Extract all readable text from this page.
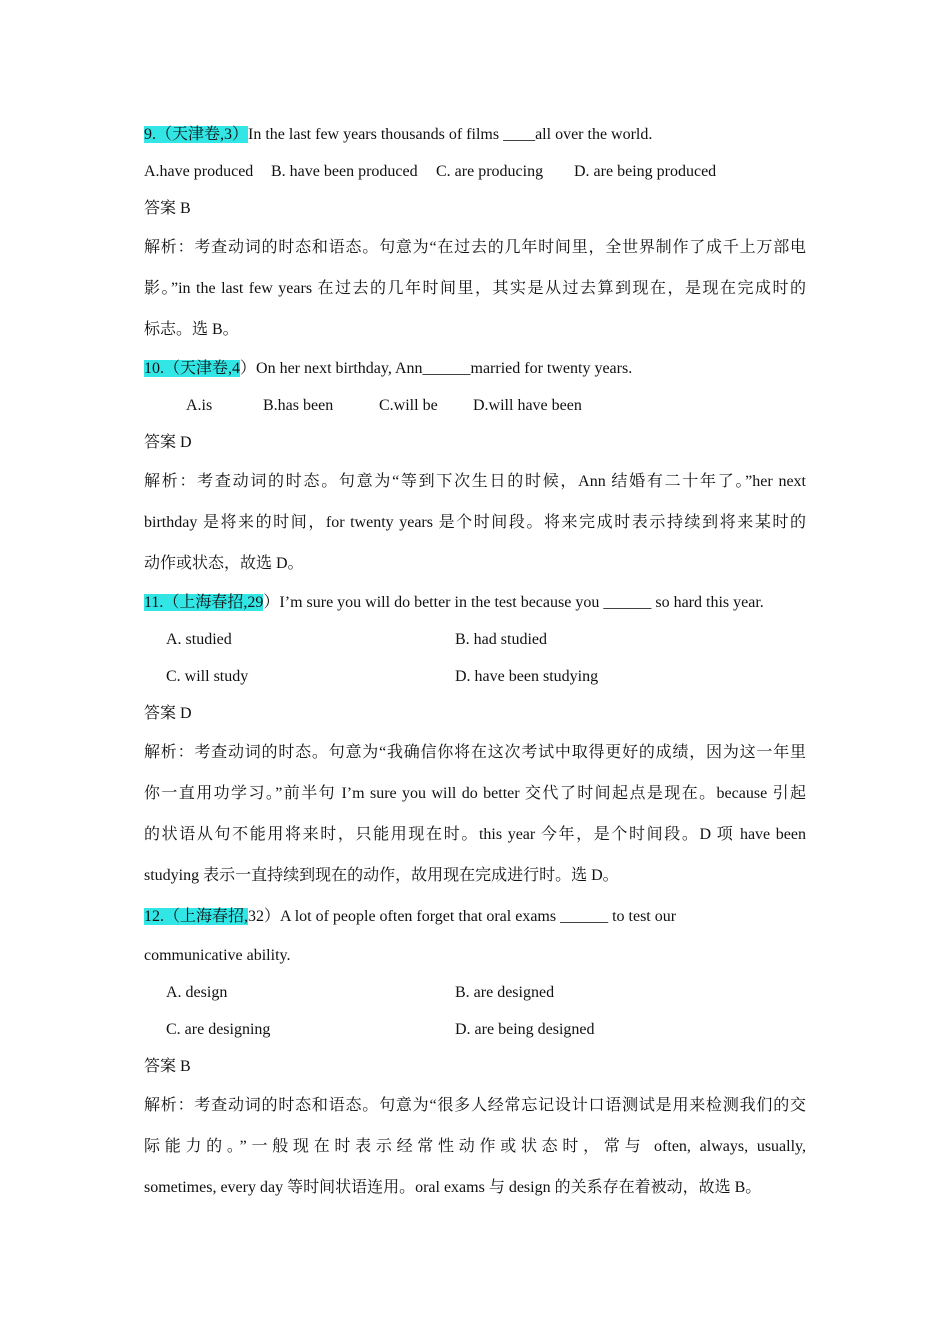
9.（天津卷,3）In the last few years thousands of films ____all over the world.
A.have produced B. have been produced C. are producing D. are being produced
答案 B
解析：考查动词的时态和语态。句意为“在过去的几年时间里，全世界制作了成千上万部电
影。”in the last few years 在过去的几年时间里，其实是从过去算到现在，是现在完成时的
标志。选 B。
10.（天津卷,4）On her next birthday, Ann______married for twenty years.
A.is	B.has been	C.will be D.will have been
答案 D
解析：考查动词的时态。句意为“等到下次生日的时候，Ann 结婚有二十年了。”her next
birthday 是将来的时间，for twenty years 是个时间段。将来完成时表示持续到将来某时的
动作或状态，故选 D。
11.（上海春招,29）I’m sure you will do better in the test because you ______ so hard this year.
A. studied	B. had studied
C. will study	D. have been studying
答案 D
解析：考查动词的时态。句意为“我确信你将在这次考试中取得更好的成绩，因为这一年里
你一直用功学习。”前半句 I’m sure you will do better 交代了时间起点是现在。because 引起
的状语从句不能用将来时，只能用现在时。this year 今年，是个时间段。D 项 have been
studying 表示一直持续到现在的动作，故用现在完成进行时。选 D。
12.（上海春招,32）A lot of people often forget that oral exams ______ to test our
communicative ability.
A. design	B. are designed
C. are designing	D. are being designed
答案 B
解析：考查动词的时态和语态。句意为“很多人经常忘记设计口语测试是用来检测我们的交
际能力的。”一般现在时表示经常性动作或状态时，常与 often, always, usually,
sometimes, every day 等时间状语连用。oral exams 与 design 的关系存在着被动，故选 B。
